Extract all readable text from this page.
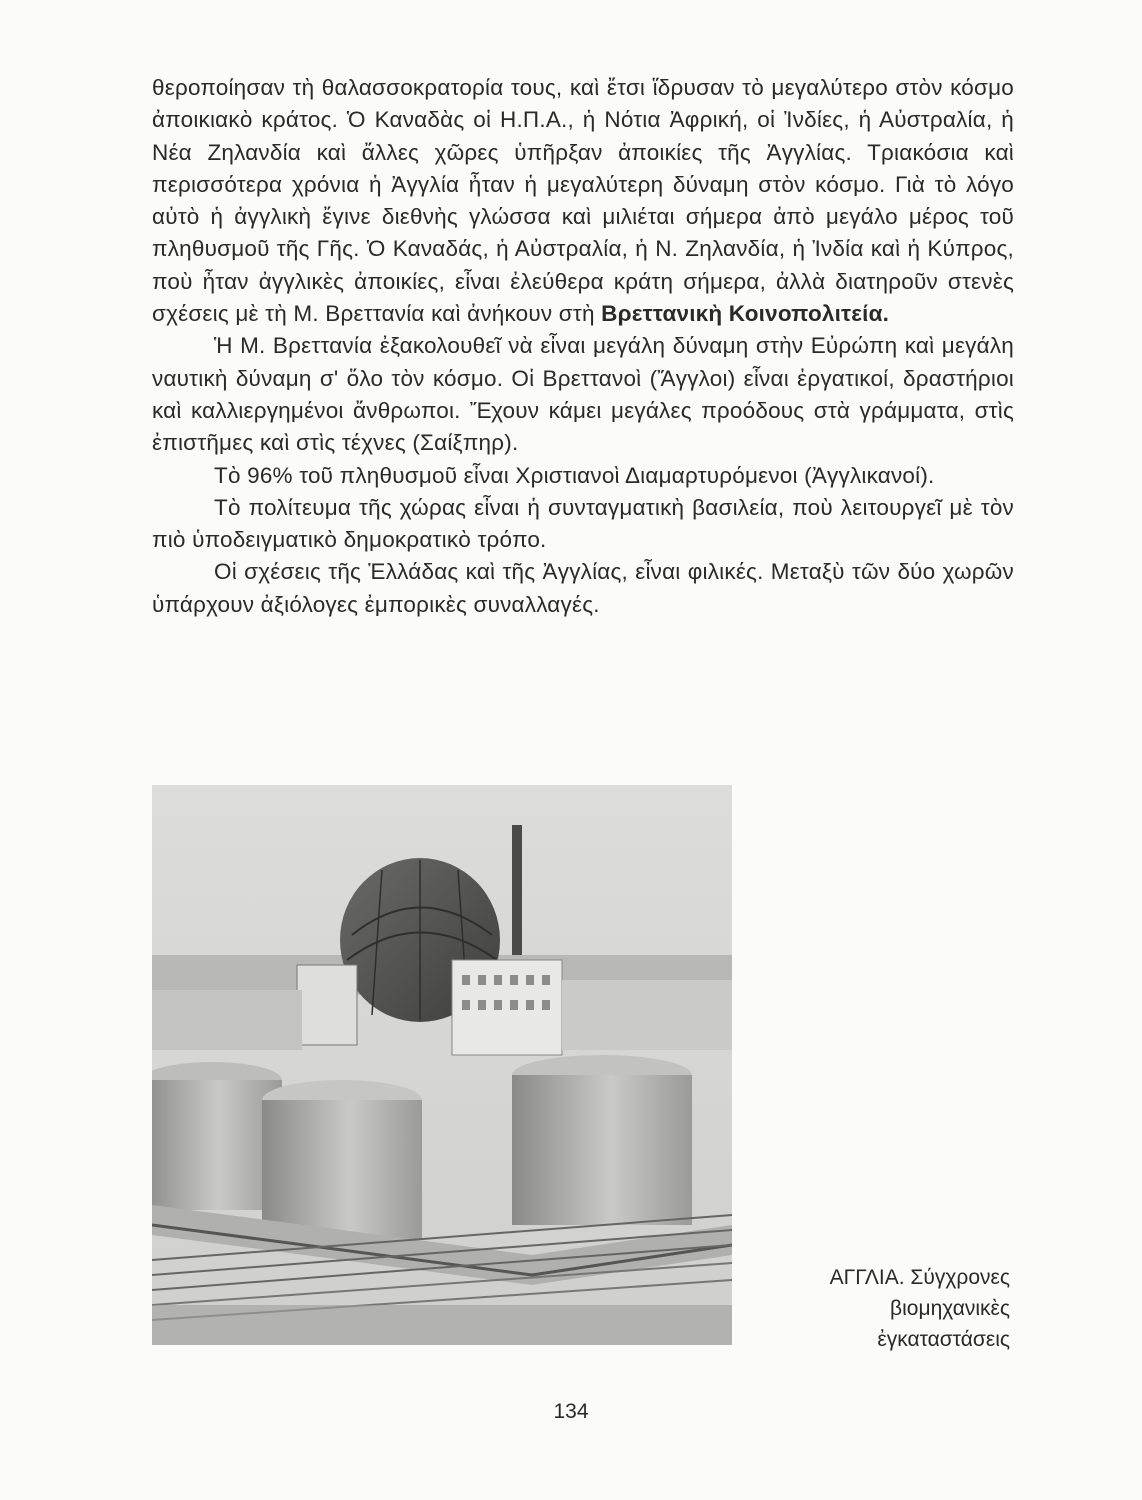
θεροποίησαν τὴ θαλασσοκρατορία τους, καὶ ἔτσι ἵδρυσαν τὸ μεγαλύτερο στὸν κόσμο ἀποικιακὸ κράτος. Ὁ Καναδὰς οἱ Η.Π.Α., ἡ Νότια Ἀφρική, οἱ Ἰνδίες, ἡ Αὐστραλία, ἡ Νέα Ζηλανδία καὶ ἄλλες χῶρες ὑπῆρξαν ἀποικίες τῆς Ἀγγλίας. Τριακόσια καὶ περισσότερα χρόνια ἡ Ἀγγλία ἦταν ἡ μεγαλύτερη δύναμη στὸν κόσμο. Γιὰ τὸ λόγο αὐτὸ ἡ ἀγγλικὴ ἔγινε διεθνὴς γλώσσα καὶ μιλιέται σήμερα ἀπὸ μεγάλο μέρος τοῦ πληθυσμοῦ τῆς Γῆς. Ὁ Καναδάς, ἡ Αὐστραλία, ἡ Ν. Ζηλανδία, ἡ Ἰνδία καὶ ἡ Κύπρος, ποὺ ἦταν ἀγγλικὲς ἀποικίες, εἶναι ἐλεύθερα κράτη σήμερα, ἀλλὰ διατηροῦν στενὲς σχέσεις μὲ τὴ Μ. Βρεττανία καὶ ἀνήκουν στὴ Βρεττανικὴ Κοινοπολιτεία.

Ἡ Μ. Βρεττανία ἐξακολουθεῖ νὰ εἶναι μεγάλη δύναμη στὴν Εὐρώπη καὶ μεγάλη ναυτικὴ δύναμη σ' ὅλο τὸν κόσμο. Οἱ Βρεττανοὶ (Ἄγγλοι) εἶναι ἐργατικοί, δραστήριοι καὶ καλλιεργημένοι ἄνθρωποι. Ἔχουν κάμει μεγάλες προόδους στὰ γράμματα, στὶς ἐπιστῆμες καὶ στὶς τέχνες (Σαίξπηρ).

Τὸ 96% τοῦ πληθυσμοῦ εἶναι Χριστιανοὶ Διαμαρτυρόμενοι (Ἀγγλικανοί).

Τὸ πολίτευμα τῆς χώρας εἶναι ἡ συνταγματικὴ βασιλεία, ποὺ λειτουργεῖ μὲ τὸν πιὸ ὑποδειγματικὸ δημοκρατικὸ τρόπο.

Οἱ σχέσεις τῆς Ἑλλάδας καὶ τῆς Ἀγγλίας, εἶναι φιλικές. Μεταξὺ τῶν δύο χωρῶν ὑπάρχουν ἀξιόλογες ἐμπορικὲς συναλλαγές.

ΑΓΓΛΙΑ. Σύγχρονες
βιομηχανικὲς
ἐγκαταστάσεις
134
